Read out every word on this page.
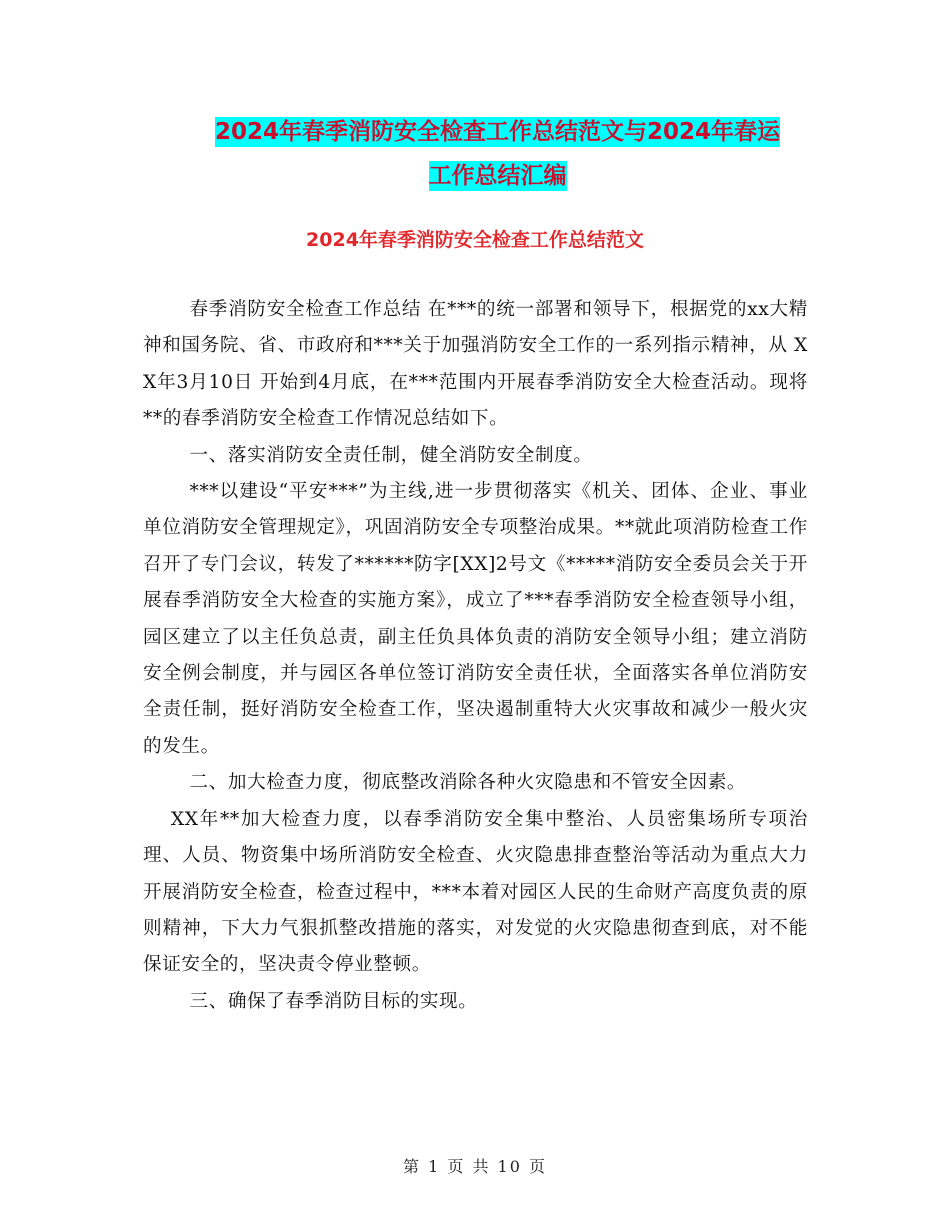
2024年春季消防安全检查工作总结范文与2024年春运
工作总结汇编
2024年春季消防安全检查工作总结范文

春季消防安全检查工作总结 在***的统一部署和领导下，根据党的xx大精神和国务院、省、市政府和***关于加强消防安全工作的一系列指示精神，从 XX年3月10日 开始到4月底，在***范围内开展春季消防安全大检查活动。现将**的春季消防安全检查工作情况总结如下。

一、落实消防安全责任制，健全消防安全制度。

***以建设“平安***”为主线,进一步贯彻落实《机关、团体、企业、事业单位消防安全管理规定》，巩固消防安全专项整治成果。**就此项消防检查工作召开了专门会议，转发了******防字[XX]2号文《*****消防安全委员会关于开展春季消防安全大检查的实施方案》，成立了***春季消防安全检查领导小组，园区建立了以主任负总责，副主任负具体负责的消防安全领导小组；建立消防安全例会制度，并与园区各单位签订消防安全责任状，全面落实各单位消防安全责任制，挺好消防安全检查工作，坚决遏制重特大火灾事故和减少一般火灾的发生。

二、加大检查力度，彻底整改消除各种火灾隐患和不管安全因素。

XX年**加大检查力度，以春季消防安全集中整治、人员密集场所专项治理、人员、物资集中场所消防安全检查、火灾隐患排查整治等活动为重点大力开展消防安全检查，检查过程中，***本着对园区人民的生命财产高度负责的原则精神，下大力气狠抓整改措施的落实，对发觉的火灾隐患彻查到底，对不能保证安全的，坚决责令停业整顿。

三、确保了春季消防目标的实现。

第 1 页 共 10 页
